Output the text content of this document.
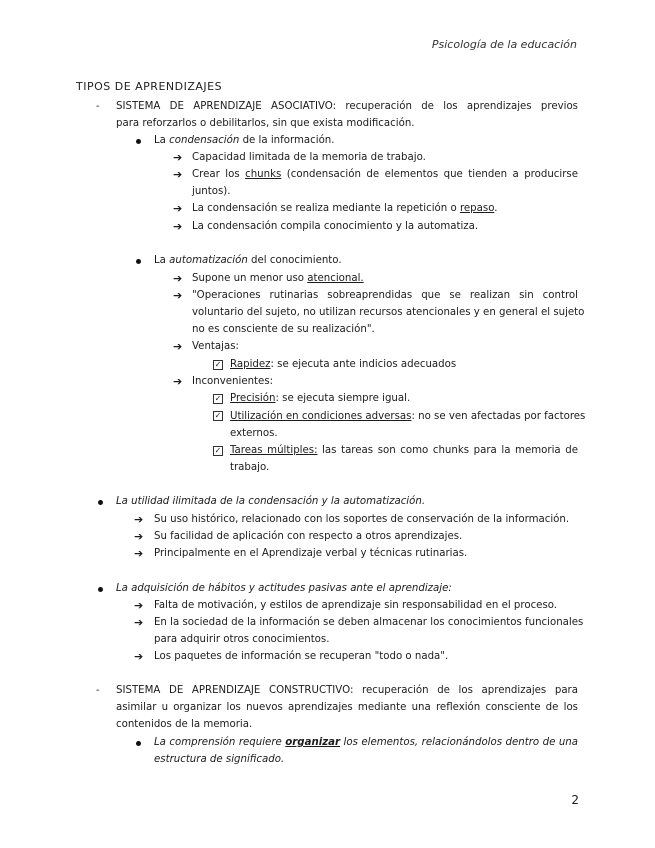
Psicología de la educación
TIPOS DE APRENDIZAJES
- SISTEMA DE APRENDIZAJE ASOCIATIVO: recuperación de los aprendizajes previos
para reforzarlos o debilitarlos, sin que exista modificación.
La condensación de la información.
➔ Capacidad limitada de la memoria de trabajo.
➔ Crear los chunks (condensación de elementos que tienden a producirse
juntos).
➔ La condensación se realiza mediante la repetición o repaso.
➔ La condensación compila conocimiento y la automatiza.
La automatización del conocimiento.
➔ Supone un menor uso atencional.
➔ "Operaciones rutinarias sobreaprendidas que se realizan sin control
voluntario del sujeto, no utilizan recursos atencionales y en general el sujeto
no es consciente de su realización".
➔ Ventajas:
✓ Rapidez: se ejecuta ante indicios adecuados
➔ Inconvenientes:
✓ Precisión: se ejecuta siempre igual.
✓ Utilización en condiciones adversas: no se ven afectadas por factores
externos.
✓ Tareas múltiples: las tareas son como chunks para la memoria de
trabajo.
La utilidad ilimitada de la condensación y la automatización.
➔ Su uso histórico, relacionado con los soportes de conservación de la información.
➔ Su facilidad de aplicación con respecto a otros aprendizajes.
➔ Principalmente en el Aprendizaje verbal y técnicas rutinarias.
La adquisición de hábitos y actitudes pasivas ante el aprendizaje:
➔ Falta de motivación, y estilos de aprendizaje sin responsabilidad en el proceso.
➔ En la sociedad de la información se deben almacenar los conocimientos funcionales
para adquirir otros conocimientos.
➔ Los paquetes de información se recuperan "todo o nada".
- SISTEMA DE APRENDIZAJE CONSTRUCTIVO: recuperación de los aprendizajes para
asimilar u organizar los nuevos aprendizajes mediante una reflexión consciente de los
contenidos de la memoria.
La comprensión requiere organizar los elementos, relacionándolos dentro de una
estructura de significado.
2
